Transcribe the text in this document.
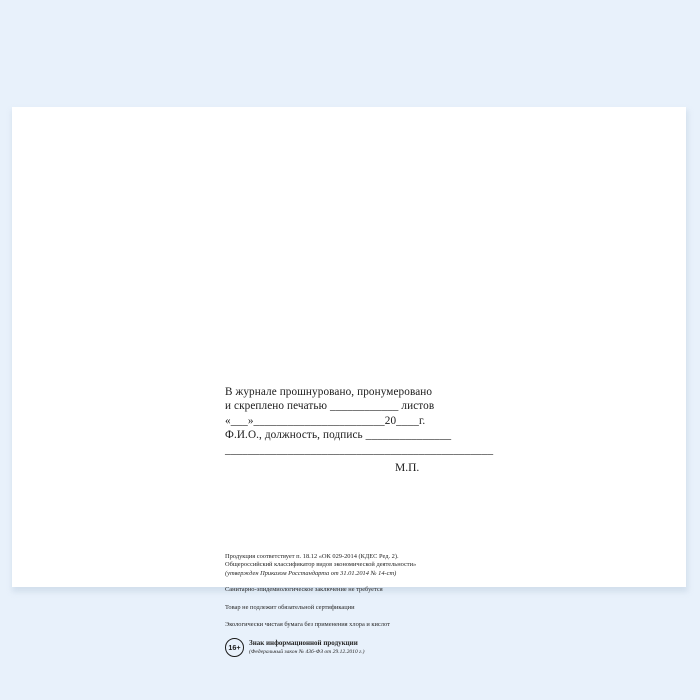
В журнале прошнуровано, пронумеровано
и скреплено печатью ____________ листов
«___»_______________________20____г.
Ф.И.О., должность, подпись _______________
_______________________________________________
М.П.
Продукция соответствует п. 18.12 «ОК 029-2014 (КДЕС Ред. 2).
Общероссийский классификатор видов экономической деятельности»
(утвержден Приказом Росстандарта от 31.01.2014 № 14-ст)
Санитарно-эпидемиологическое заключение не требуется
Товар не подлежит обязательной сертификации
Экологически чистая бумага без применения хлора и кислот
16+	Знак информационной продукции
(Федеральный закон № 436-ФЗ от 29.12.2010 г.)
